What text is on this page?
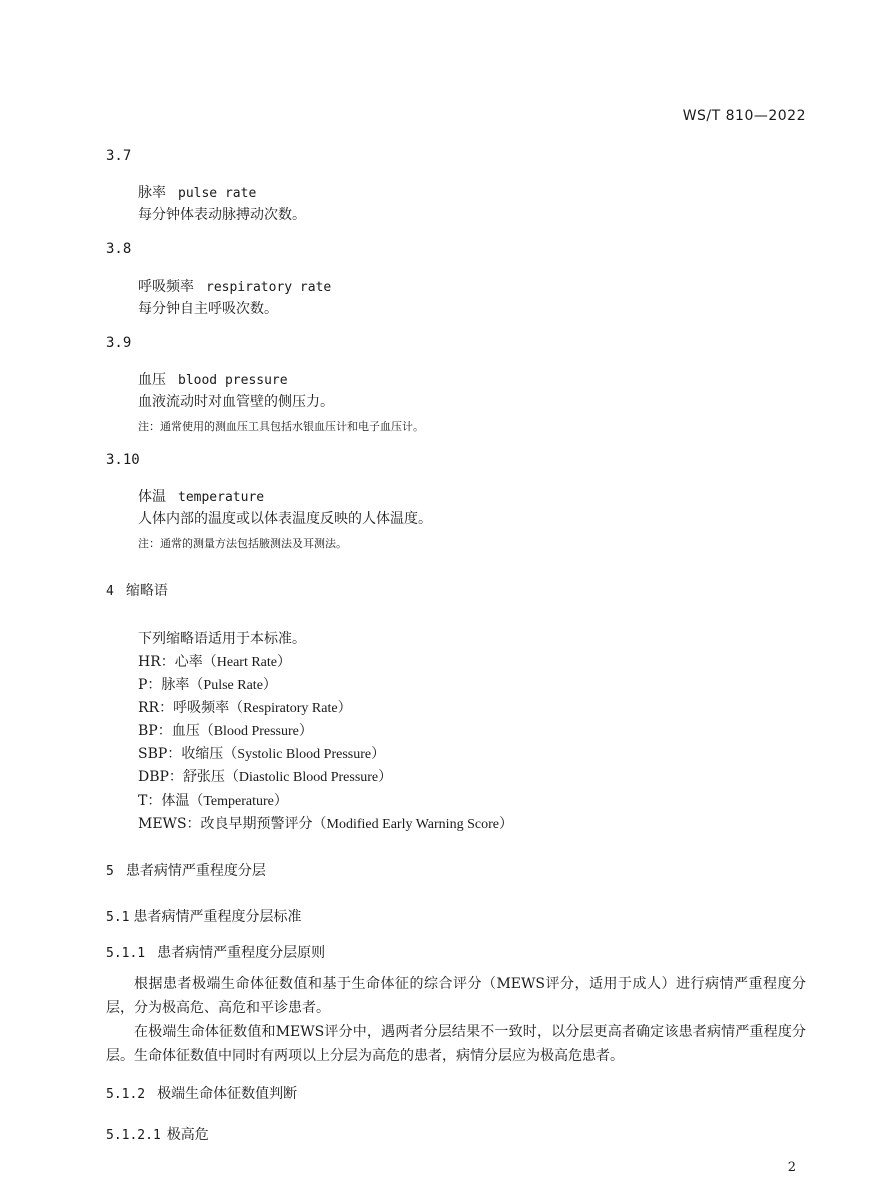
WS/T 810—2022
3.7
脉率 pulse rate
每分钟体表动脉搏动次数。
3.8
呼吸频率 respiratory rate
每分钟自主呼吸次数。
3.9
血压 blood pressure
血液流动时对血管壁的侧压力。
注：通常使用的测血压工具包括水银血压计和电子血压计。
3.10
体温 temperature
人体内部的温度或以体表温度反映的人体温度。
注：通常的测量方法包括腋测法及耳测法。
4 缩略语
下列缩略语适用于本标准。
HR：心率（Heart Rate）
P：脉率（Pulse Rate）
RR：呼吸频率（Respiratory Rate）
BP：血压（Blood Pressure）
SBP：收缩压（Systolic Blood Pressure）
DBP：舒张压（Diastolic Blood Pressure）
T：体温（Temperature）
MEWS：改良早期预警评分（Modified Early Warning Score）
5 患者病情严重程度分层
5.1 患者病情严重程度分层标准
5.1.1 患者病情严重程度分层原则
根据患者极端生命体征数值和基于生命体征的综合评分（MEWS评分，适用于成人）进行病情严重程度分层，分为极高危、高危和平诊患者。
在极端生命体征数值和MEWS评分中，遇两者分层结果不一致时，以分层更高者确定该患者病情严重程度分层。生命体征数值中同时有两项以上分层为高危的患者，病情分层应为极高危患者。
5.1.2 极端生命体征数值判断
5.1.2.1 极高危
2
